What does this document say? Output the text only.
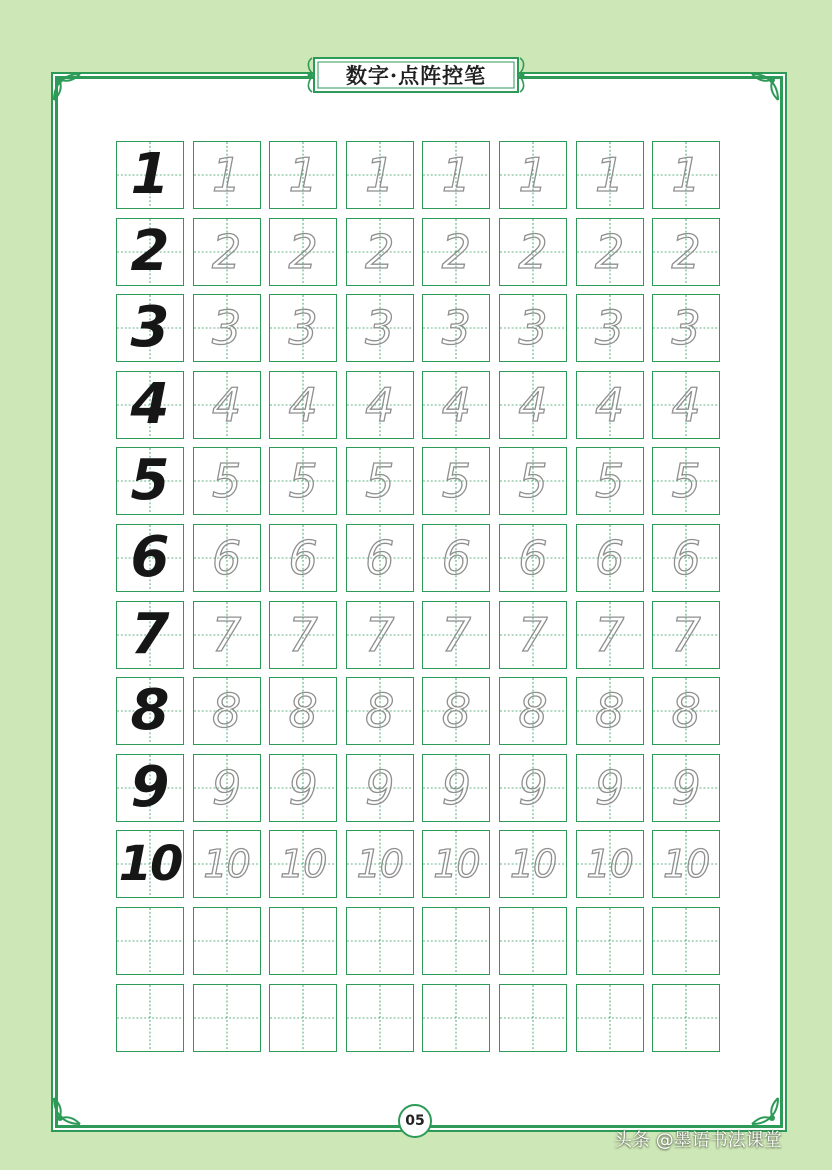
数字·点阵控笔
1 1	1	1	1	1	1	1
2 2	2	2	2	2	2	2
3 3	3	3	3	3	3	3
4 4	4	4	4	4	4	4
5 5	5	5	5	5	5	5
6 6	6	6	6	6	6	6
7 7	7	7	7	7	7	7
8 8	8	8	8	8	8	8
9 9	9	9	9	9	9	9
10 10 10 10 10 10 10 10
05
头条 @墨语书法课堂
